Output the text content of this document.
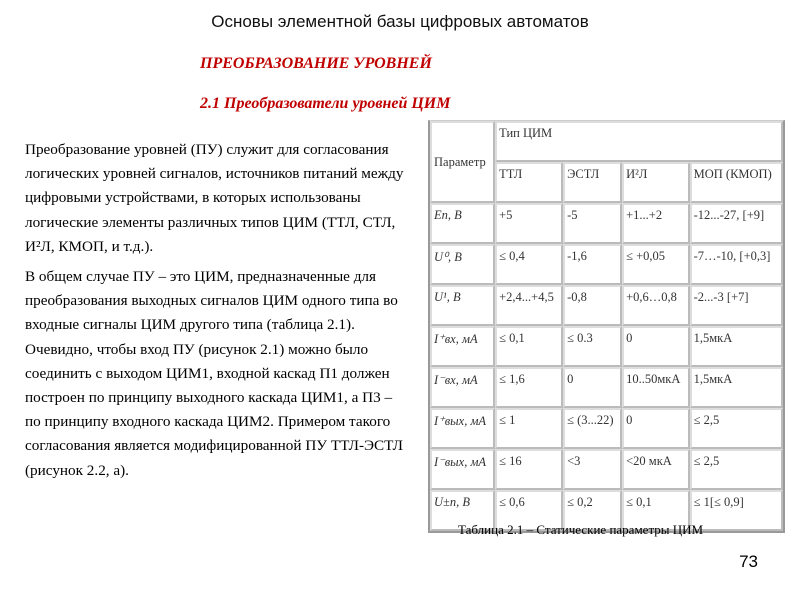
Основы элементной базы цифровых автоматов
ПРЕОБРАЗОВАНИЕ УРОВНЕЙ
2.1 Преобразователи уровней ЦИМ

Преобразование уровней (ПУ) служит для согласования логических уровней сигналов, источников питаний между цифровыми устройствами, в которых использованы логические элементы различных типов ЦИМ (ТТЛ, СТЛ, И²Л, КМОП, и т.д.).

В общем случае ПУ – это ЦИМ, предназначенные для преобразования выходных сигналов ЦИМ одного типа во входные сигналы ЦИМ другого типа (таблица 2.1). Очевидно, чтобы вход ПУ (рисунок 2.1) можно было соединить с выходом ЦИМ1, входной каскад П1 должен построен по принципу выходного каскада ЦИМ1, а П3 – по принципу входного каскада ЦИМ2. Примером такого согласования является модифицированной ПУ ТТЛ-ЭСТЛ (рисунок 2.2, а).

Параметр	Тип ЦИМ			
	ТТЛ	ЭСТЛ	И²Л	МОП (КМОП)
Eп, В	+5	-5	+1...+2	-12...-27, [+9]
U⁰, В	≤ 0,4	-1,6	≤ +0,05	-7…-10, [+0,3]
U¹, В	+2,4...+4,5	-0,8	+0,6…0,8	-2...-3 [+7]
I⁺вх, мА	≤ 0,1	≤ 0.3	0	1,5мкА
I⁻вх, мА	≤ 1,6	0	10..50мкА	1,5мкА
I⁺вых, мА	≤ 1	≤ (3...22)	0	≤ 2,5
I⁻вых, мА	≤ 16	<3	<20 мкА	≤ 2,5
U±п, В	≤ 0,6	≤ 0,2	≤ 0,1	≤ 1[≤ 0,9]
Таблица 2.1 – Статические параметры ЦИМ
73
